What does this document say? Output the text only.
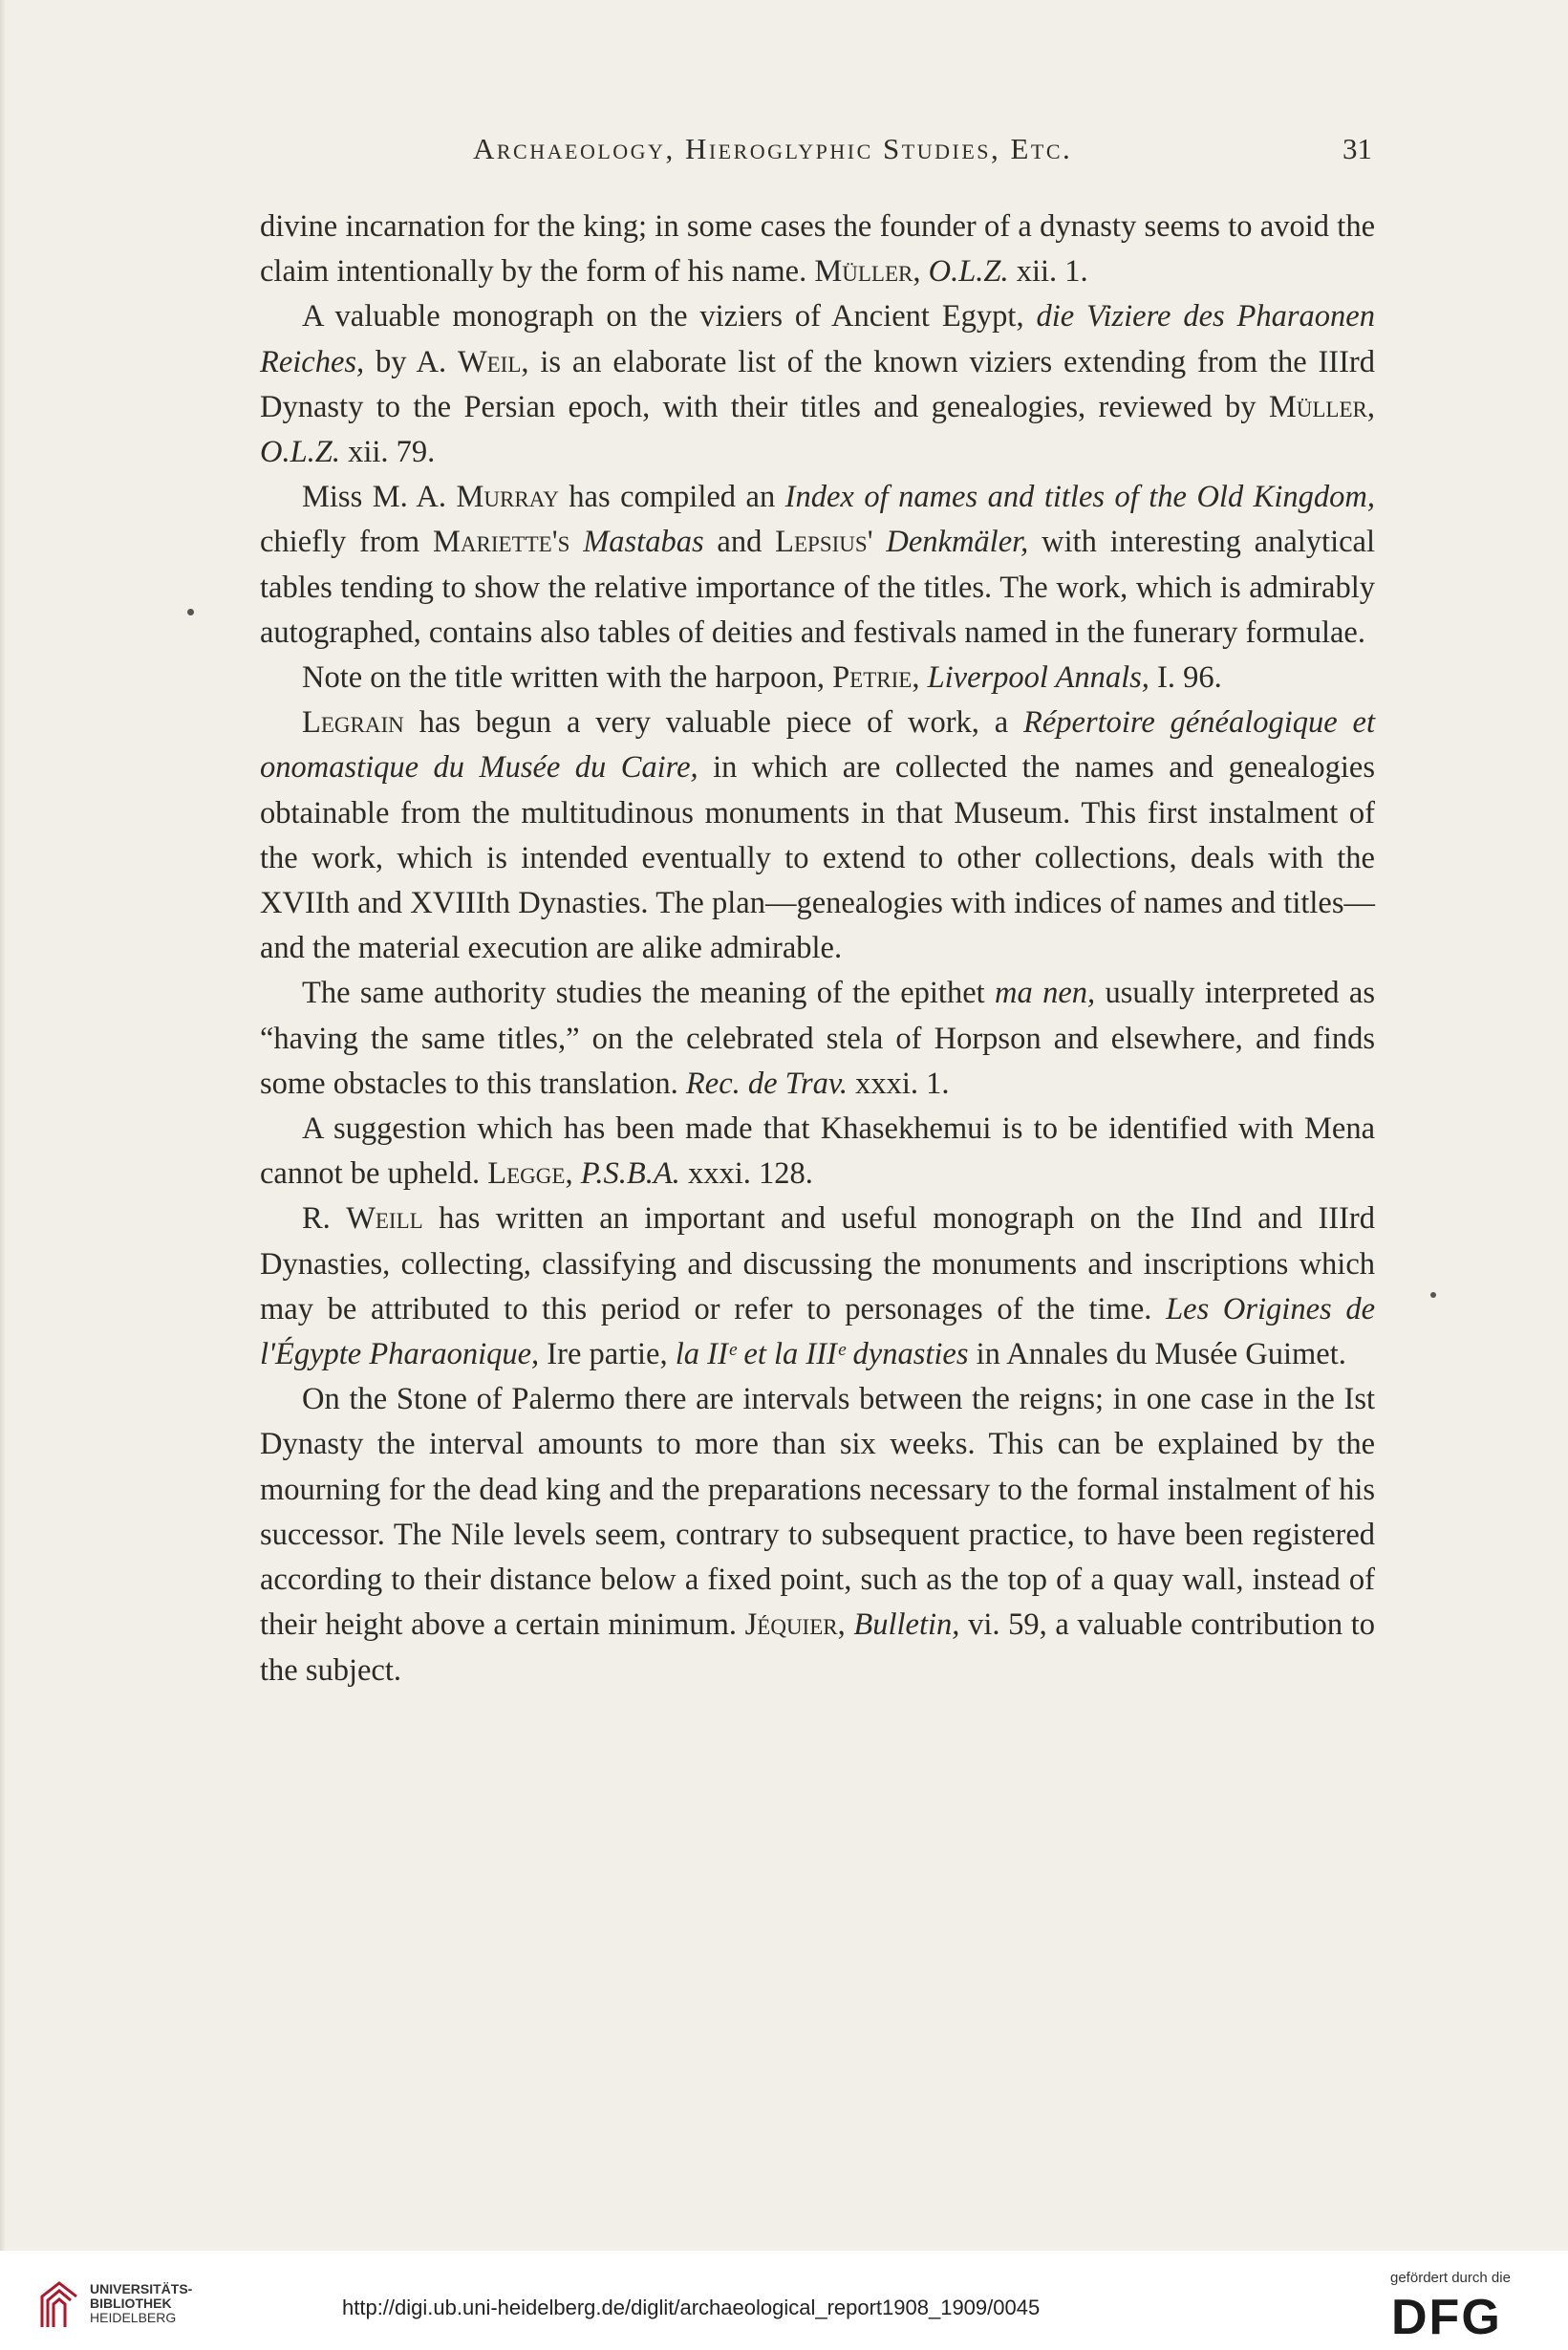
Archaeology, Hieroglyphic Studies, Etc.	31

divine incarnation for the king; in some cases the founder of a dynasty seems to avoid the claim intentionally by the form of his name. Müller, O.L.Z. xii. 1.

A valuable monograph on the viziers of Ancient Egypt, die Viziere des Pharaonen Reiches, by A. Weil, is an elaborate list of the known viziers extending from the IIIrd Dynasty to the Persian epoch, with their titles and genealogies, reviewed by Müller, O.L.Z. xii. 79.

Miss M. A. Murray has compiled an Index of names and titles of the Old Kingdom, chiefly from Mariette's Mastabas and Lepsius' Denkmäler, with interesting analytical tables tending to show the relative importance of the titles. The work, which is admirably autographed, contains also tables of deities and festivals named in the funerary formulae.

Note on the title written with the harpoon, Petrie, Liverpool Annals, I. 96.

Legrain has begun a very valuable piece of work, a Répertoire généalogique et onomastique du Musée du Caire, in which are collected the names and genealogies obtainable from the multitudinous monuments in that Museum. This first instalment of the work, which is intended eventually to extend to other collections, deals with the XVIIth and XVIIIth Dynasties. The plan—genealogies with indices of names and titles—and the material execution are alike admirable.

The same authority studies the meaning of the epithet ma nen, usually interpreted as “having the same titles,” on the celebrated stela of Horpson and elsewhere, and finds some obstacles to this translation. Rec. de Trav. xxxi. 1.

A suggestion which has been made that Khasekhemui is to be identified with Mena cannot be upheld. Legge, P.S.B.A. xxxi. 128.

R. Weill has written an important and useful monograph on the IInd and IIIrd Dynasties, collecting, classifying and discussing the monuments and inscriptions which may be attributed to this period or refer to personages of the time. Les Origines de l'Égypte Pharaonique, Ire partie, la IIᵉ et la IIIᵉ dynasties in Annales du Musée Guimet.

On the Stone of Palermo there are intervals between the reigns; in one case in the Ist Dynasty the interval amounts to more than six weeks. This can be explained by the mourning for the dead king and the preparations necessary to the formal instalment of his successor. The Nile levels seem, contrary to subsequent practice, to have been registered according to their distance below a fixed point, such as the top of a quay wall, instead of their height above a certain minimum. Jéquier, Bulletin, vi. 59, a valuable contribution to the subject.

UNIVERSITÄTS-
BIBLIOTHEK
HEIDELBERG	http://digi.ub.uni-heidelberg.de/diglit/archaeological_report1908_1909/0045
gefördert durch die
DFG
